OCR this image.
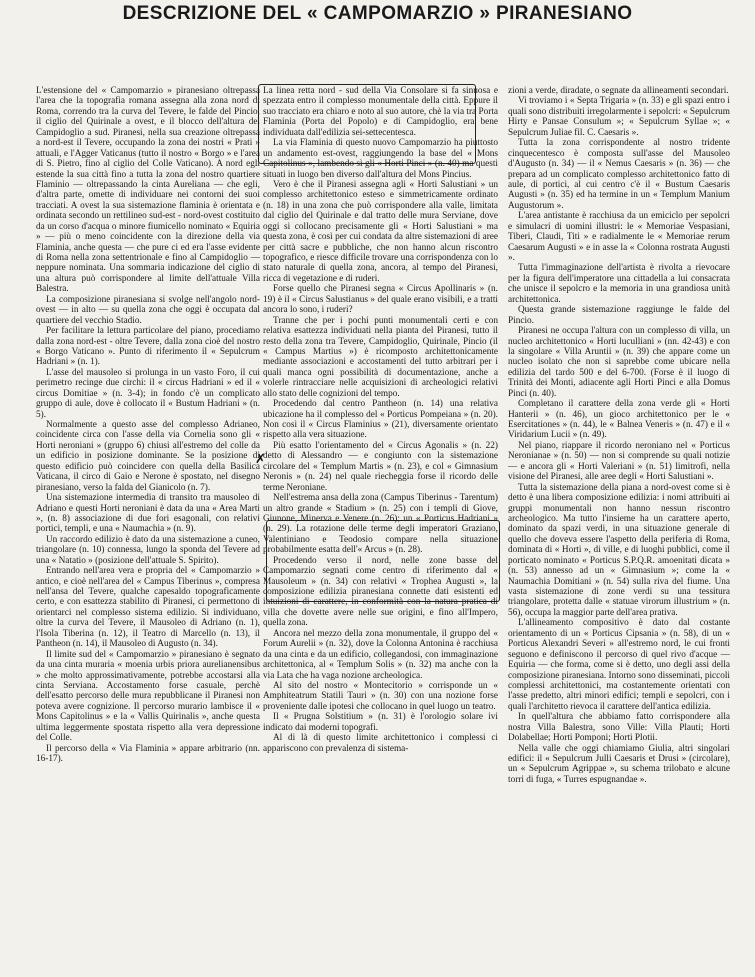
DESCRIZIONE DEL « CAMPOMARZIO » PIRANESIANO

L'estensione del « Campomarzio » piranesiano oltrepassa l'area che la topografia romana assegna alla zona nord di Roma, correndo tra la curva del Tevere, le falde del Pincio, il ciglio del Quirinale a ovest, e il blocco dell'altura del Campidoglio a sud. Piranesi, nella sua creazione oltrepassa a nord-est il Tevere, occupando la zona dei nostri « Prati » attuali, e l'Agger Vaticanus (tutto il nostro « Borgo » e l'area di S. Pietro, fino al ciglio del Colle Vaticano). A nord egli estende la sua città fino a tutta la zona del nostro quartiere Flaminio — oltrepassando la cinta Aureliana — che egli, d'altra parte, omette di individuare nei contorni dei suoi tracciati. A ovest la sua sistemazione flaminia è orientata e ordinata secondo un rettilineo sud-est - nord-ovest costituito da un corso d'acqua o minore fiumicello nominato « Equiria » — più o meno coincidente con la direzione della via Flaminia, anche questa — che pure ci ed era l'asse evidente di Roma nella zona settentrionale e fino al Campidoglio — neppure nominata. Una sommaria indicazione del ciglio di una altura può corrispondere al limite dell'attuale Villa Balestra.

La composizione piranesiana si svolge nell'angolo nord-ovest — in alto — su quella zona che oggi è occupata dal quartiere del vecchio Stadio.

Per facilitare la lettura particolare del piano, procediamo dalla zona nord-est - oltre Tevere, dalla zona cioè del nostro « Borgo Vaticano ». Punto di riferimento il « Sepulcrum Hadriani » (n. 1).

L'asse del mausoleo si prolunga in un vasto Foro, il cui perimetro recinge due circhi: il « circus Hadriani » ed il « circus Domitiae » (n. 3-4); in fondo c'è un complicato gruppo di aule, dove è collocato il « Bustum Hadriani » (n. 5).

Normalmente a questo asse del complesso Adrianeo, coincidente circa con l'asse della via Cornelia sono gli « Horti neroniani » (gruppo 6) chiusi all'estremo del colle da un edificio in posizione dominante. Se la posizione di questo edificio può coincidere con quella della Basilica Vaticana, il circo di Gaio e Nerone è spostato, nel disegno piranesiano, verso la falda del Gianicolo (n. 7).

Una sistemazione intermedia di transito tra mausoleo di Adriano e questi Horti neroniani è data da una « Area Marti », (n. 8) associazione di due fori esagonali, con relativi portici, templi, e una « Naumachia » (n. 9).

Un raccordo edilizio è dato da una sistemazione a cuneo, triangolare (n. 10) connessa, lungo la sponda del Tevere ad una « Natatio » (posizione dell'attuale S. Spirito).

Entrando nell'area vera e propria del « Campomarzio » antico, e cioè nell'area del « Campus Tiberinus », compresa nell'ansa del Tevere, qualche capesaldo topograficamente certo, e con esattezza stabilito di Piranesi, ci permettono di orientarci nel complesso sistema edilizio. Si individuano, oltre la curva del Tevere, il Mausoleo di Adriano (n. 1), l'Isola Tiberina (n. 12), il Teatro di Marcello (n. 13), il Pantheon (n. 14), il Mausoleo di Augusto (n. 34).

Il limite sud del « Campomarzio » piranesiano è segnato da una cinta muraria « moenia urbis priora aurelianensibus » che molto approssimativamente, potrebbe accostarsi alla cinta Serviana. Accostamento forse casuale, perchè dell'esatto percorso delle mura repubblicane il Piranesi non poteva avere cognizione. Il percorso murario lambisce il « Mons Capitolinus » e la « Vallis Quirinalis », anche questa ultima leggermente spostata rispetto alla vera depressione del Colle.

Il percorso della « Via Flaminia » appare arbitrario (nn. 16-17).

La linea retta nord - sud della Via Consolare si fa sinuosa e spezzata entro il complesso monumentale della città. Eppure il suo tracciato era chiaro e noto al suo autore, chè la via tra Porta Flaminia (Porta del Popolo) e di Campidoglio, era bene individuata dall'edilizia sei-settecentesca.

La via Flaminia di questo nuovo Campomarzio ha piuttosto un andamento est-ovest, raggiungendo la base del « Mons Capitolinus », lambendo sì gli « Horti Pinci » (n. 40) ma questi situati in luogo ben diverso dall'altura del Mons Pincius.

Vero è che il Piranesi assegna agli « Horti Salustiani » un complesso architettonico esteso e simmetricamente ordinato (n. 18) in una zona che può corrispondere alla valle, limitata dal ciglio del Quirinale e dal tratto delle mura Serviane, dove oggi si collocano precisamente gli « Horti Salustiani » ma questa zona, è così per cui condata da altre sistemazioni di aree per città sacre e pubbliche, che non hanno alcun riscontro topografico, e riesce difficile trovare una corrispondenza con lo stato naturale di quella zona, ancora, al tempo del Piranesi, ricca di vegetazione e di ruderi.

Forse quello che Piranesi segna « Circus Apollinaris » (n. 19) è il « Circus Salustianus » del quale erano visibili, e a tratti ancora lo sono, i ruderi?

Tranne che per i pochi punti monumentali certi e con relativa esattezza individuati nella pianta del Piranesi, tutto il resto della zona tra Tevere, Campidoglio, Quirinale, Pincio (il « Campus Martius ») è ricomposto architettonicamente mediante associazioni e accostamenti del tutto arbitrari per i quali manca ogni possibilità di documentazione, anche a volerle rintracciare nelle acquisizioni di archeologici relativi allo stato delle cognizioni del tempo.

Procedendo dal centro Pantheon (n. 14) una relativa ubicazione ha il complesso del « Porticus Pompeiana » (n. 20). Non così il « Circus Flaminius » (21), diversamente orientato rispetto alla vera situazione.

Più esatto l'orientamento del « Circus Agonalis » (n. 22) detto di Alessandro — e congiunto con la sistemazione circolare del « Templum Martis » (n. 23), e col « Gimnasium Neronis » (n. 24) nel quale riecheggia forse il ricordo delle terme Neroniane.

Nell'estrema ansa della zona (Campus Tiberinus - Tarentum) un altro grande « Stadium » (n. 25) con i templi di Giove, Giunone, Minerva e Venere (n. 26); un « Porticus Hadriani » (n. 29). La rotazione delle terme degli imperatori Graziano, Valentiniano e Teodosio compare nella situazione probabilmente esatta dell'« Arcus » (n. 28).

Procedendo verso il nord, nelle zone basse del Campomarzio segnati come centro di riferimento dal « Mausoleum » (n. 34) con relativi « Trophea Augusti », la composizione edilizia piranesiana connette dati esistenti ed intuizioni di carattere, in conformità con la natura pratica di villa che dovette avere nelle sue origini, e fino all'Impero, quella zona.

Ancora nel mezzo della zona monumentale, il gruppo del « Forum Aurelii » (n. 32), dove la Colonna Antonina è racchiusa da una cinta e da un edificio, collegandosi, con immaginazione architettonica, al « Templum Solis » (n. 32) ma anche con la via Lata che ha vaga nozione archeologica.

Al sito del nostro « Montecitorio » corrisponde un « Amphiteatrum Statili Tauri » (n. 30) con una nozione forse proveniente dalle ipotesi che collocano in quel luogo un teatro.

Il « Prugna Solstitium » (n. 31) è l'orologio solare ivi indicato dai moderni topografi.

Al di là di questo limite architettonico i complessi ci appariscono con prevalenza di sistema-

zioni a verde, diradate, o segnate da allineamenti secondari.

Vi troviamo i « Septa Trigaria » (n. 33) e gli spazi entro i quali sono distribuiti irregolarmente i sepolcri: « Sepulcrum Hirty e Pansae Consulum »; « Sepulcrum Syllae »; « Sepulcrum Juliae fil. C. Caesaris ».

Tutta la zona corrispondente al nostro tridente cinquecentesco è composta sull'asse del Mausoleo d'Augusto (n. 34) — il « Nemus Caesaris » (n. 36) — che prepara ad un complicato complesso architettonico fatto di aule, di portici, al cui centro c'è il « Bustum Caesaris Augusti » (n. 35) ed ha termine in un « Templum Manium Augustorum ».

L'area antistante è racchiusa da un emiciclo per sepolcri e simulacri di uomini illustri: le « Memoriae Vespasiani, Tiberi, Claudi, Titi » e radialmente le « Memoriae rerum Caesarum Augusti » e in asse la « Colonna rostrata Augusti ».

Tutta l'immaginazione dell'artista è rivolta a rievocare per la figura dell'imperatore una cittadella a lui consacrata che unisce il sepolcro e la memoria in una grandiosa unità architettonica.

Questa grande sistemazione raggiunge le falde del Pincio.

Piranesi ne occupa l'altura con un complesso di villa, un nucleo architettonico « Horti luculliani » (nn. 42-43) e con la singolare « Villa Aruntii » (n. 39) che appare come un nucleo isolato che non si saprebbe come ubicare nella edilizia del tardo 500 e del 6-700. (Forse è il luogo di Trinità dei Monti, adiacente agli Horti Pinci e alla Domus Pinci (n. 40).

Completano il carattere della zona verde gli « Horti Hanterii » (n. 46), un gioco architettonico per le « Esercitationes » (n. 44), le « Balnea Veneris » (n. 47) e il « Viridarium Lucii » (n. 49).

Nel piano, riappare il ricordo neroniano nel « Porticus Neronianae » (n. 50) — non si comprende su quali notizie — e ancora gli « Horti Valeriani » (n. 51) limitrofi, nella visione del Piranesi, alle aree degli « Horti Salustiani ».

Tutta la sistemazione della piana a nord-ovest come si è detto è una libera composizione edilizia: i nomi attribuiti ai gruppi monumentali non hanno nessun riscontro archeologico. Ma tutto l'insieme ha un carattere aperto, dominato da spazi verdi, in una situazione generale di quello che doveva essere l'aspetto della periferia di Roma, dominata di « Horti », di ville, e di luoghi pubblici, come il porticato nominato « Porticus S.P.Q.R. amoenitati dicata » (n. 53) annesso ad un « Gimnasium »; come la « Naumachia Domitiani » (n. 54) sulla riva del fiume. Una vasta sistemazione di zone verdi su una tessitura triangolare, protetta dalle « statuae virorum illustrium » (n. 56), occupa la maggior parte dell'area prativa.

L'allineamento compositivo è dato dal costante orientamento di un « Porticus Cipsania » (n. 58), di un « Porticus Alexandri Severi » all'estremo nord, le cui fronti seguono e definiscono il percorso di quel rivo d'acque — Equiria — che forma, come si è detto, uno degli assi della composizione piranesiana. Intorno sono disseminati, piccoli complessi architettonici, ma costantemente orientati con l'asse predetto, altri minori edifici; templi e sepolcri, con i quali l'architetto rievoca il carattere dell'antica edilizia.

In quell'altura che abbiamo fatto corrispondere alla nostra Villa Balestra, sono Ville: Villa Plauti; Horti Dolabellae; Horti Pomponi; Horti Plotii.

Nella valle che oggi chiamiamo Giulia, altri singolari edifici: il « Sepulcrum Julli Caesaris et Drusi » (circolare), un « Sepulcrum Agrippae », su schema trilobato e alcune torri di fuga, « Turres espugnandae ».

✗
